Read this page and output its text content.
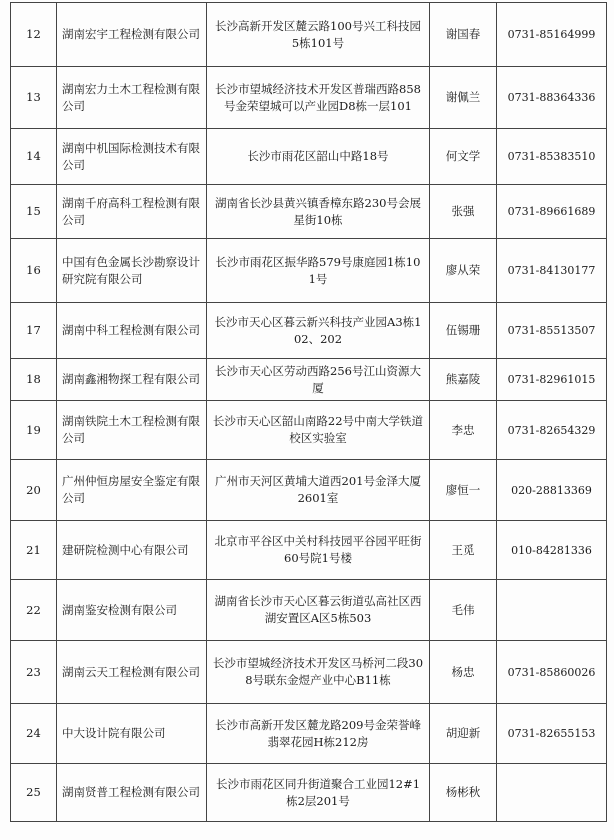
12	湖南宏宇工程检测有限公司	长沙高新开发区麓云路100号兴工科技园5栋101号	谢国春	0731-85164999
13	湖南宏力土木工程检测有限公司	长沙市望城经济技术开发区普瑞西路858号金荣望城可以产业园D8栋一层101	谢佩兰	0731-88364336
14	湖南中机国际检测技术有限公司	长沙市雨花区韶山中路18号	何文学	0731-85383510
15	湖南千府高科工程检测有限公司	湖南省长沙县黄兴镇香樟东路230号会展星街10栋	张强	0731-89661689
16	中国有色金属长沙勘察设计研究院有限公司	长沙市雨花区振华路579号康庭园1栋101号	廖从荣	0731-84130177
17	湖南中科工程检测有限公司	长沙市天心区暮云新兴科技产业园A3栋102、202	伍锡珊	0731-85513507
18	湖南鑫湘物探工程有限公司	长沙市天心区劳动西路256号江山资源大厦	熊嘉陵	0731-82961015
19	湖南铁院土木工程检测有限公司	长沙市天心区韶山南路22号中南大学铁道校区实验室	李忠	0731-82654329
20	广州仲恒房屋安全鉴定有限公司	广州市天河区黄埔大道西201号金泽大厦2601室	廖恒一	020-28813369
21	建研院检测中心有限公司	北京市平谷区中关村科技园平谷园平旺街60号院1号楼	王觅	010-84281336
22	湖南鉴安检测有限公司	湖南省长沙市天心区暮云街道弘高社区西湖安置区A区5栋503	毛伟	
23	湖南云天工程检测有限公司	长沙市望城经济技术开发区马桥河二段308号联东金煜产业中心B11栋	杨忠	0731-85860026
24	中大设计院有限公司	长沙市高新开发区麓龙路209号金荣誉峰翡翠花园H栋212房	胡迎新	0731-82655153
25	湖南贤普工程检测有限公司	长沙市雨花区同升街道聚合工业园12#1栋2层201号	杨彬秋	
